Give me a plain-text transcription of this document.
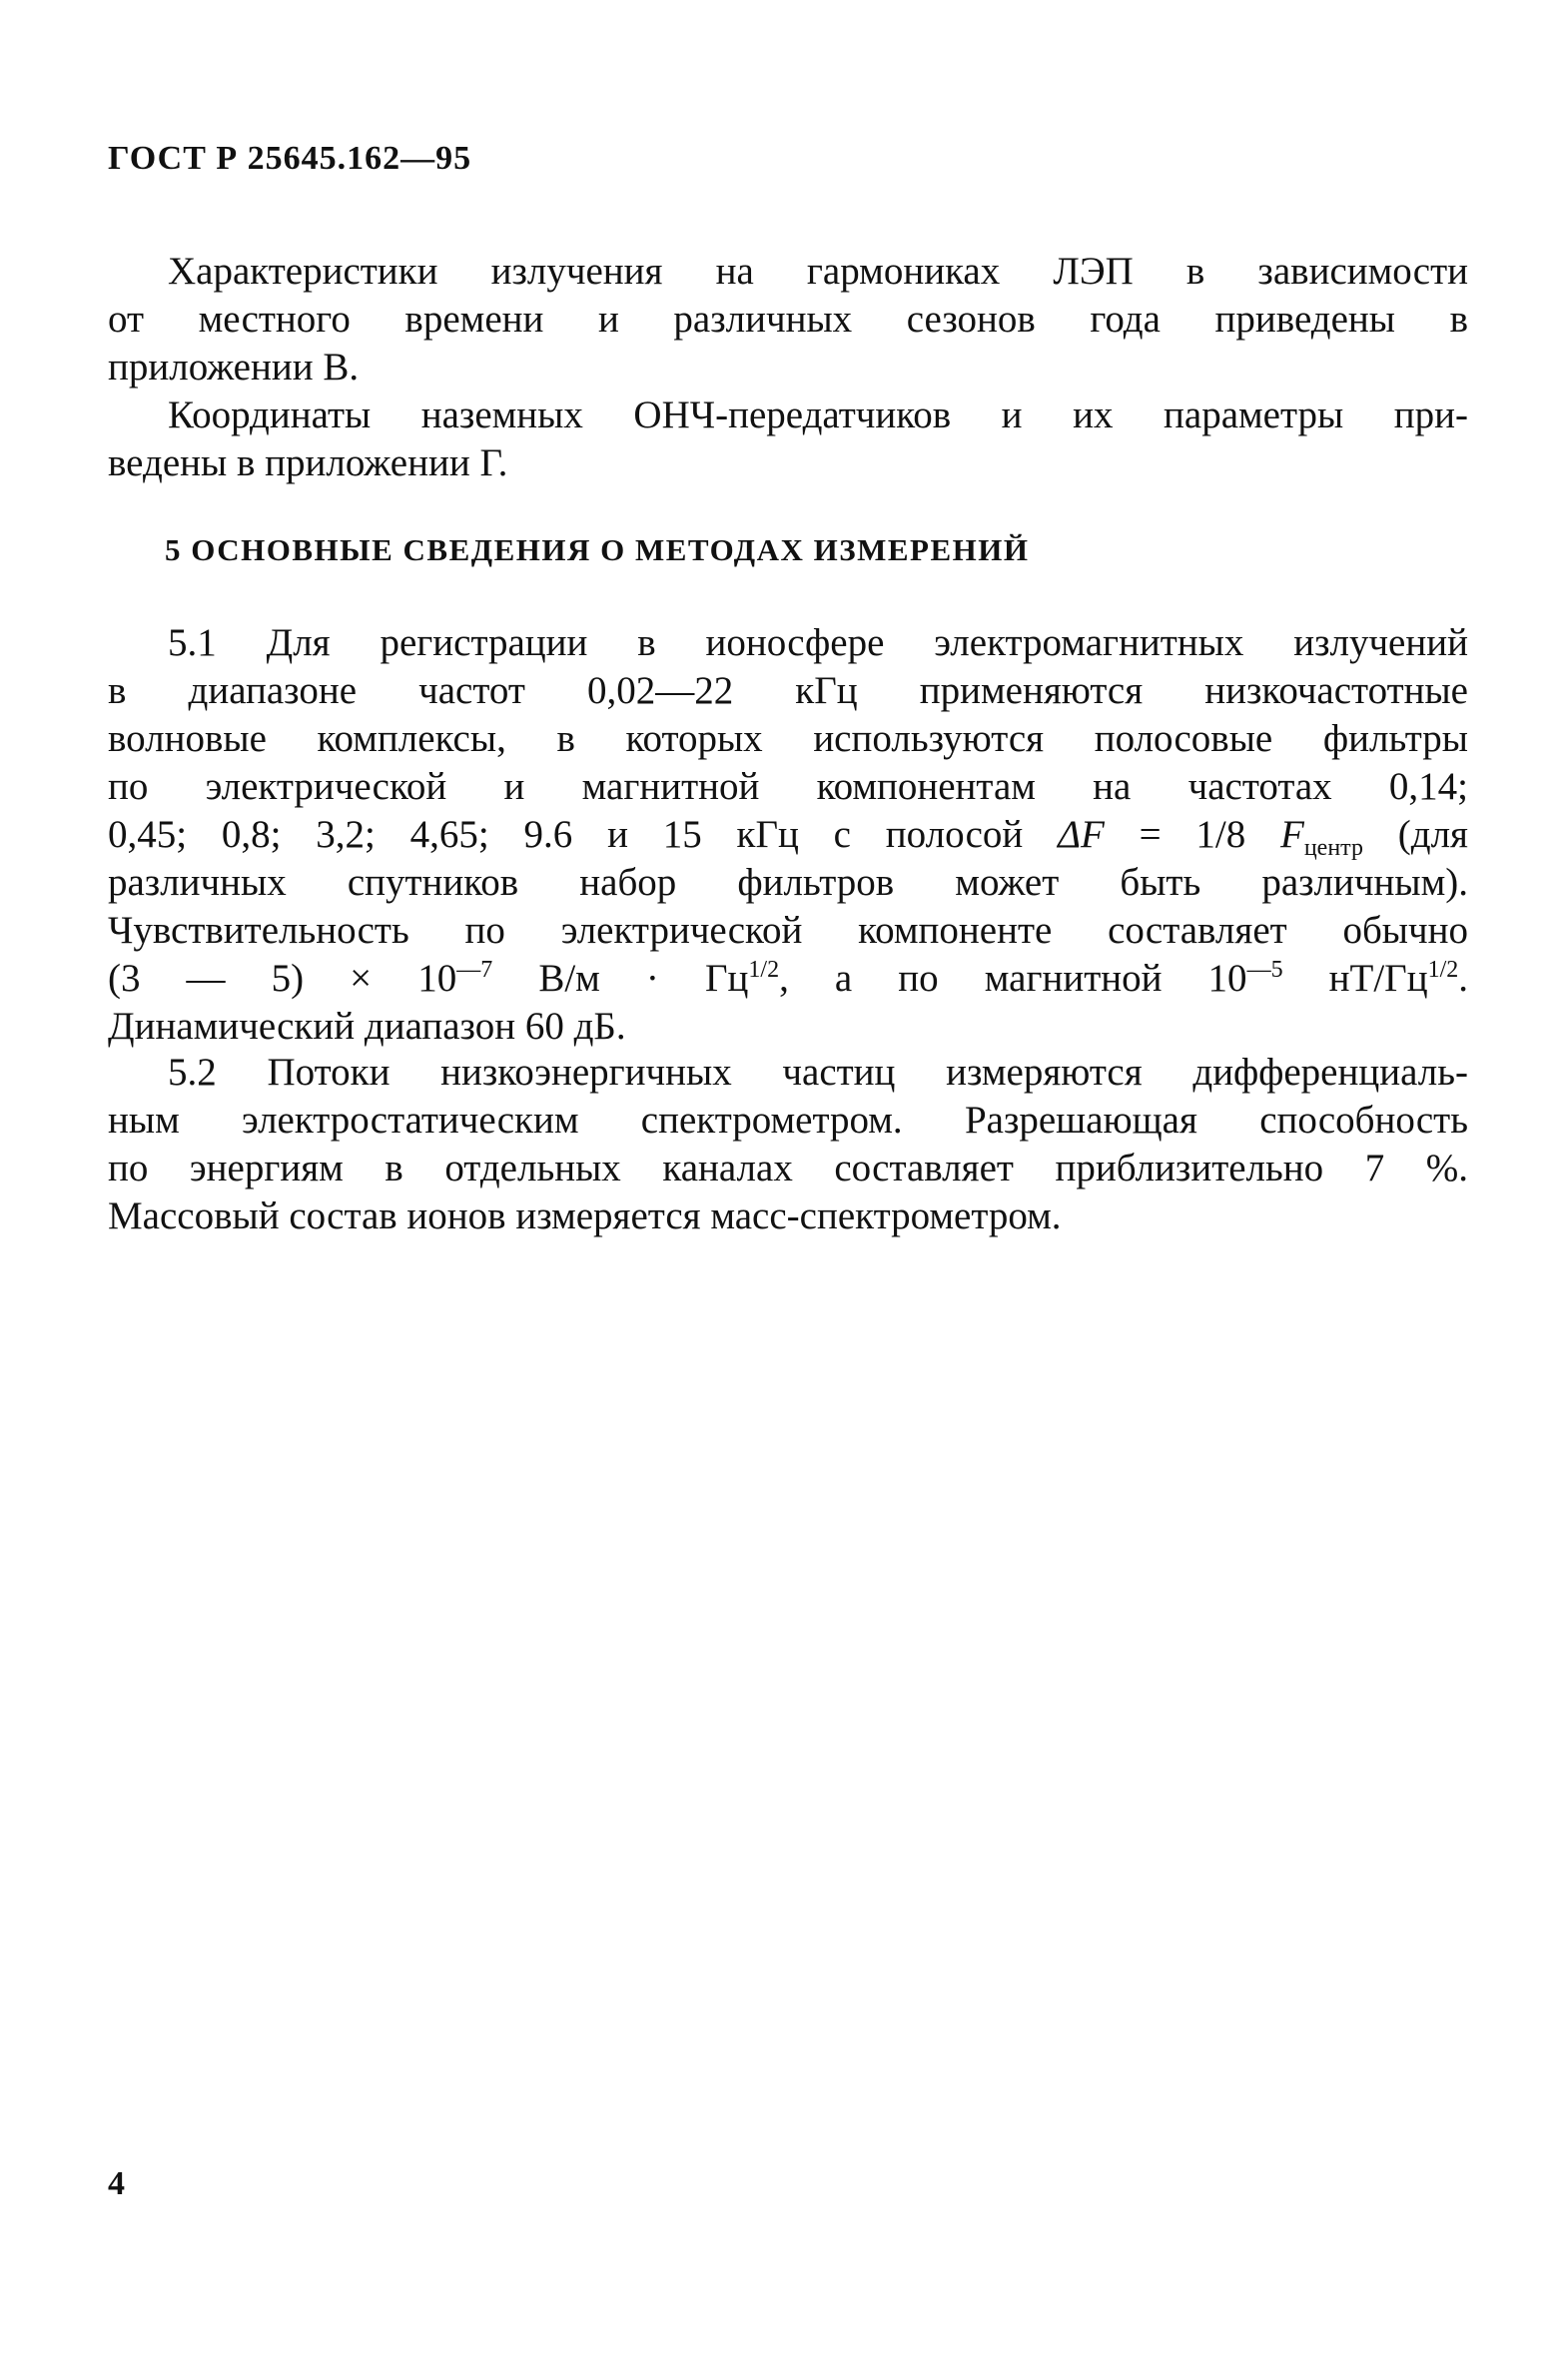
ГОСТ Р 25645.162—95
Характеристики излучения на гармониках ЛЭП в зависимости
от местного времени и различных сезонов года приведены в
приложении В.
Координаты наземных ОНЧ-передатчиков и их параметры при-
ведены в приложении Г.
5 ОСНОВНЫЕ СВЕДЕНИЯ О МЕТОДАХ ИЗМЕРЕНИЙ
5.1 Для регистрации в ионосфере электромагнитных излучений
в диапазоне частот 0,02—22 кГц применяются низкочастотные
волновые комплексы, в которых используются полосовые фильтры
по электрической и магнитной компонентам на частотах 0,14;
0,45; 0,8; 3,2; 4,65; 9.6 и 15 кГц с полосой ΔF = 1/8 $F_{центр}$ (для
различных спутников набор фильтров может быть различным).
Чувствительность по электрической компоненте составляет обычно
(3 — $5) \times 10^{—7}$ $В/м \cdot Гц^{1/2}$, а по магнитной $10^{—5}$ $нТ/Гц^{1/2}$.
Динамический диапазон 60 дБ.
5.2 Потоки низкоэнергичных частиц измеряются дифференциаль-
ным электростатическим спектрометром. Разрешающая способность
по энергиям в отдельных каналах составляет приблизительно 7 %.
Массовый состав ионов измеряется масс-спектрометром.
4
